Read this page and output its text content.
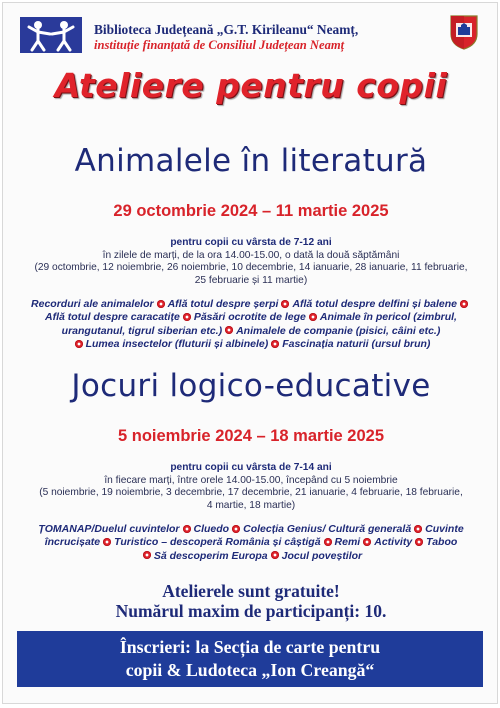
Biblioteca Județeană „G.T. Kirileanu“ Neamț,
instituție finanțată de Consiliul Județean Neamț
Ateliere pentru copii
Animalele în literatură
29 octombrie 2024 – 11 martie 2025
pentru copii cu vârsta de 7-12 ani
în zilele de marți, de la ora 14.00-15.00, o dată la două săptămâni
(29 octombrie, 12 noiembrie, 26 noiembrie, 10 decembrie, 14 ianuarie, 28 ianuarie, 11 februarie,
25 februarie și 11 martie)
Recorduri ale animalelor Află totul despre șerpi Află totul despre delfini și balene
Află totul despre caracatițe Păsări ocrotite de lege Animale în pericol (zimbrul,
urangutanul, tigrul siberian etc.) Animalele de companie (pisici, câini etc.)
Lumea insectelor (fluturii și albinele) Fascinația naturii (ursul brun)
Jocuri logico-educative
5 noiembrie 2024 – 18 martie 2025
pentru copii cu vârsta de 7-14 ani
în fiecare marți, între orele 14.00-15.00, începând cu 5 noiembrie
(5 noiembrie, 19 noiembrie, 3 decembrie, 17 decembrie, 21 ianuarie, 4 februarie, 18 februarie,
4 martie, 18 martie)
ȚOMANAP/Duelul cuvintelor Cluedo Colecția Genius/ Cultură generală Cuvinte
încrucișate Turistico – descoperă România și câștigă Remi Activity Taboo
Să descoperim Europa Jocul poveștilor
Atelierele sunt gratuite!
Numărul maxim de participanți: 10.
Înscrieri: la Secția de carte pentru
copii & Ludoteca „Ion Creangă“
